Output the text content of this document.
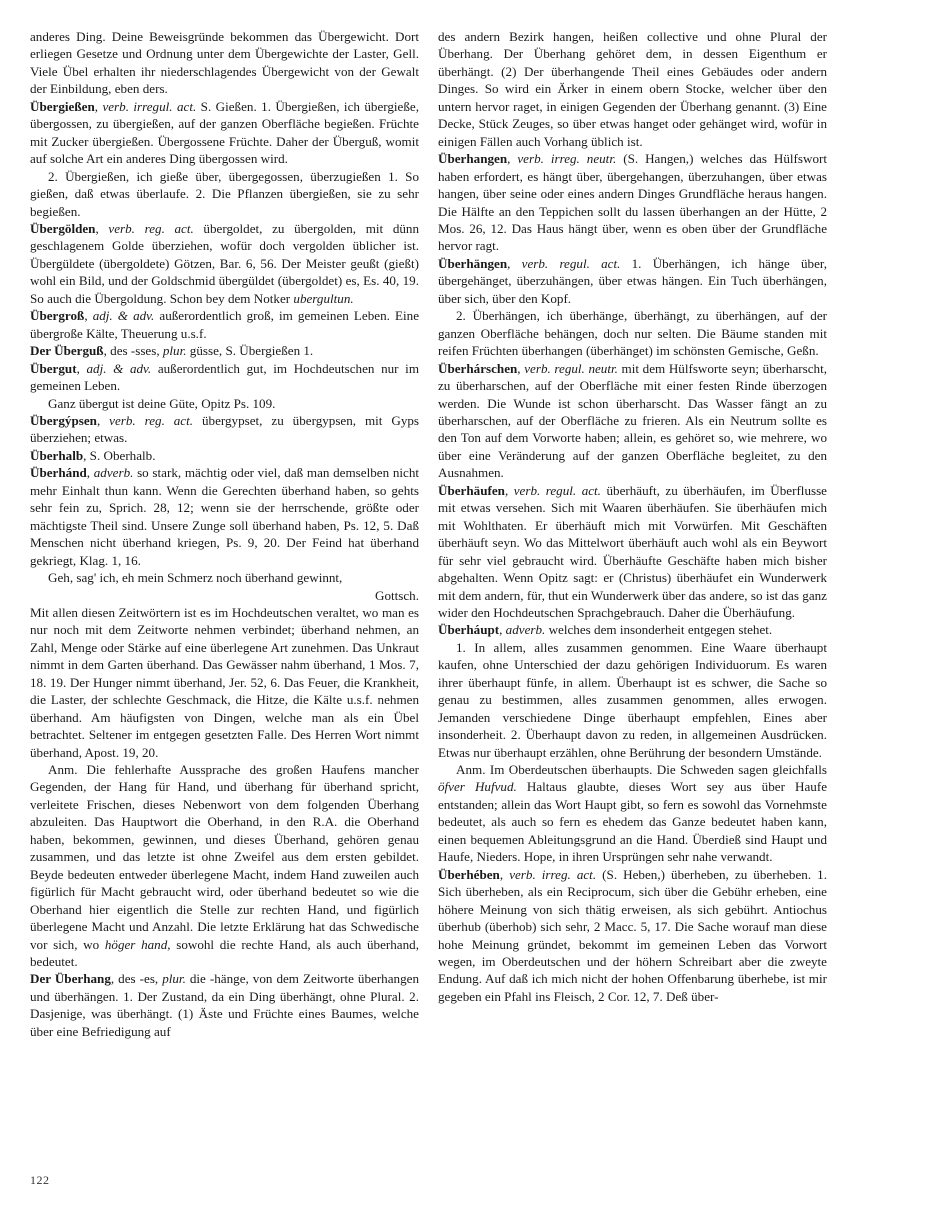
anderes Ding. Deine Beweisgründe bekommen das Übergewicht. Dort erliegen Gesetze und Ordnung unter dem Übergewichte der Laster, Gell. Viele Übel erhalten ihr niederschlagendes Übergewicht von der Gewalt der Einbildung, eben ders.

Übergießen, verb. irregul. act. S. Gießen. 1. Übergießen, ich übergieße, übergossen, zu übergießen, auf der ganzen Oberfläche begießen. Früchte mit Zucker übergießen. Übergossene Früchte. Daher der Überguß, womit auf solche Art ein anderes Ding übergossen wird.

2. Übergießen, ich gieße über, übergegossen, überzugießen 1. So gießen, daß etwas überlaufe. 2. Die Pflanzen übergießen, sie zu sehr begießen.

Übergölden, verb. reg. act. übergoldet, zu übergolden, mit dünn geschlagenem Golde überziehen, wofür doch vergolden üblicher ist. Übergüldete (übergoldete) Götzen, Bar. 6, 56. Der Meister geußt (gießt) wohl ein Bild, und der Goldschmid übergüldet (übergoldet) es, Es. 40, 19. So auch die Übergoldung. Schon bey dem Notker ubergultun.

Übergroß, adj. & adv. außerordentlich groß, im gemeinen Leben. Eine übergroße Kälte, Theuerung u.s.f.

Der Überguß, des -sses, plur. güsse, S. Übergießen 1.

Übergut, adj. & adv. außerordentlich gut, im Hochdeutschen nur im gemeinen Leben.

Ganz übergut ist deine Güte, Opitz Ps. 109.

Übergýpsen, verb. reg. act. übergypset, zu übergypsen, mit Gyps überziehen; etwas.

Überhalb, S. Oberhalb.

Überhánd, adverb. so stark, mächtig oder viel, daß man demselben nicht mehr Einhalt thun kann. Wenn die Gerechten überhand haben, so gehts sehr fein zu, Sprich. 28, 12; wenn sie der herrschende, größte oder mächtigste Theil sind. Unsere Zunge soll überhand haben, Ps. 12, 5. Daß Menschen nicht überhand kriegen, Ps. 9, 20. Der Feind hat überhand gekriegt, Klag. 1, 16.

Geh, sag' ich, eh mein Schmerz noch überhand gewinnt,

Gottsch.

Mit allen diesen Zeitwörtern ist es im Hochdeutschen veraltet, wo man es nur noch mit dem Zeitworte nehmen verbindet; überhand nehmen, an Zahl, Menge oder Stärke auf eine überlegene Art zunehmen. Das Unkraut nimmt in dem Garten überhand. Das Gewässer nahm überhand, 1 Mos. 7, 18. 19. Der Hunger nimmt überhand, Jer. 52, 6. Das Feuer, die Krankheit, die Laster, der schlechte Geschmack, die Hitze, die Kälte u.s.f. nehmen überhand. Am häufigsten von Dingen, welche man als ein Übel betrachtet. Seltener im entgegen gesetzten Falle. Des Herren Wort nimmt überhand, Apost. 19, 20.

Anm. Die fehlerhafte Aussprache des großen Haufens mancher Gegenden, der Hang für Hand, und überhang für überhand spricht, verleitete Frischen, dieses Nebenwort von dem folgenden Überhang abzuleiten. Das Hauptwort die Oberhand, in den R.A. die Oberhand haben, bekommen, gewinnen, und dieses Überhand, gehören genau zusammen, und das letzte ist ohne Zweifel aus dem ersten gebildet. Beyde bedeuten entweder überlegene Macht, indem Hand zuweilen auch figürlich für Macht gebraucht wird, oder überhand bedeutet so wie die Oberhand hier eigentlich die Stelle zur rechten Hand, und figürlich überlegene Macht und Anzahl. Die letzte Erklärung hat das Schwedische vor sich, wo höger hand, sowohl die rechte Hand, als auch überhand, bedeutet.

Der Überhang, des -es, plur. die -hänge, von dem Zeitworte überhangen und überhängen. 1. Der Zustand, da ein Ding überhängt, ohne Plural. 2. Dasjenige, was überhängt. (1) Äste und Früchte eines Baumes, welche über eine Befriedigung auf

des andern Bezirk hangen, heißen collective und ohne Plural der Überhang. Der Überhang gehöret dem, in dessen Eigenthum er überhängt. (2) Der überhangende Theil eines Gebäudes oder andern Dinges. So wird ein Ärker in einem obern Stocke, welcher über den untern hervor raget, in einigen Gegenden der Überhang genannt. (3) Eine Decke, Stück Zeuges, so über etwas hanget oder gehänget wird, wofür in einigen Fällen auch Vorhang üblich ist.

Überhangen, verb. irreg. neutr. (S. Hangen,) welches das Hülfswort haben erfordert, es hängt über, übergehangen, überzuhangen, über etwas hangen, über seine oder eines andern Dinges Grundfläche heraus hangen. Die Hälfte an den Teppichen sollt du lassen überhangen an der Hütte, 2 Mos. 26, 12. Das Haus hängt über, wenn es oben über der Grundfläche hervor ragt.

Überhängen, verb. regul. act. 1. Überhängen, ich hänge über, übergehänget, überzuhängen, über etwas hängen. Ein Tuch überhängen, über sich, über den Kopf.

2. Überhängen, ich überhänge, überhängt, zu überhängen, auf der ganzen Oberfläche behängen, doch nur selten. Die Bäume standen mit reifen Früchten überhangen (überhänget) im schönsten Gemische, Geßn.

Überhárschen, verb. regul. neutr. mit dem Hülfsworte seyn; überharscht, zu überharschen, auf der Oberfläche mit einer festen Rinde überzogen werden. Die Wunde ist schon überharscht. Das Wasser fängt an zu überharschen, auf der Oberfläche zu frieren. Als ein Neutrum sollte es den Ton auf dem Vorworte haben; allein, es gehöret so, wie mehrere, wo über eine Veränderung auf der ganzen Oberfläche begleitet, zu den Ausnahmen.

Überhäufen, verb. regul. act. überhäuft, zu überhäufen, im Überflusse mit etwas versehen. Sich mit Waaren überhäufen. Sie überhäufen mich mit Wohlthaten. Er überhäuft mich mit Vorwürfen. Mit Geschäften überhäuft seyn. Wo das Mittelwort überhäuft auch wohl als ein Beywort für sehr viel gebraucht wird. Überhäufte Geschäfte haben mich bisher abgehalten. Wenn Opitz sagt: er (Christus) überhäufet ein Wunderwerk mit dem andern, für, thut ein Wunderwerk über das andere, so ist das ganz wider den Hochdeutschen Sprachgebrauch. Daher die Überhäufung.

Überháupt, adverb. welches dem insonderheit entgegen stehet.

1. In allem, alles zusammen genommen. Eine Waare überhaupt kaufen, ohne Unterschied der dazu gehörigen Individuorum. Es waren ihrer überhaupt fünfe, in allem. Überhaupt ist es schwer, die Sache so genau zu bestimmen, alles zusammen genommen, alles erwogen. Jemanden verschiedene Dinge überhaupt empfehlen, Eines aber insonderheit. 2. Überhaupt davon zu reden, in allgemeinen Ausdrücken. Etwas nur überhaupt erzählen, ohne Berührung der besondern Umstände.

Anm. Im Oberdeutschen überhaupts. Die Schweden sagen gleichfalls öfver Hufvud. Haltaus glaubte, dieses Wort sey aus über Haufe entstanden; allein das Wort Haupt gibt, so fern es sowohl das Vornehmste bedeutet, als auch so fern es ehedem das Ganze bedeutet haben kann, einen bequemen Ableitungsgrund an die Hand. Überdieß sind Haupt und Haufe, Nieders. Hope, in ihren Ursprüngen sehr nahe verwandt.

Überhében, verb. irreg. act. (S. Heben,) überheben, zu überheben. 1. Sich überheben, als ein Reciprocum, sich über die Gebühr erheben, eine höhere Meinung von sich thätig erweisen, als sich gebührt. Antiochus überhub (überhob) sich sehr, 2 Macc. 5, 17. Die Sache worauf man diese hohe Meinung gründet, bekommt im gemeinen Leben das Vorwort wegen, im Oberdeutschen und der höhern Schreibart aber die zweyte Endung. Auf daß ich mich nicht der hohen Offenbarung überhebe, ist mir gegeben ein Pfahl ins Fleisch, 2 Cor. 12, 7. Deß über-

122
